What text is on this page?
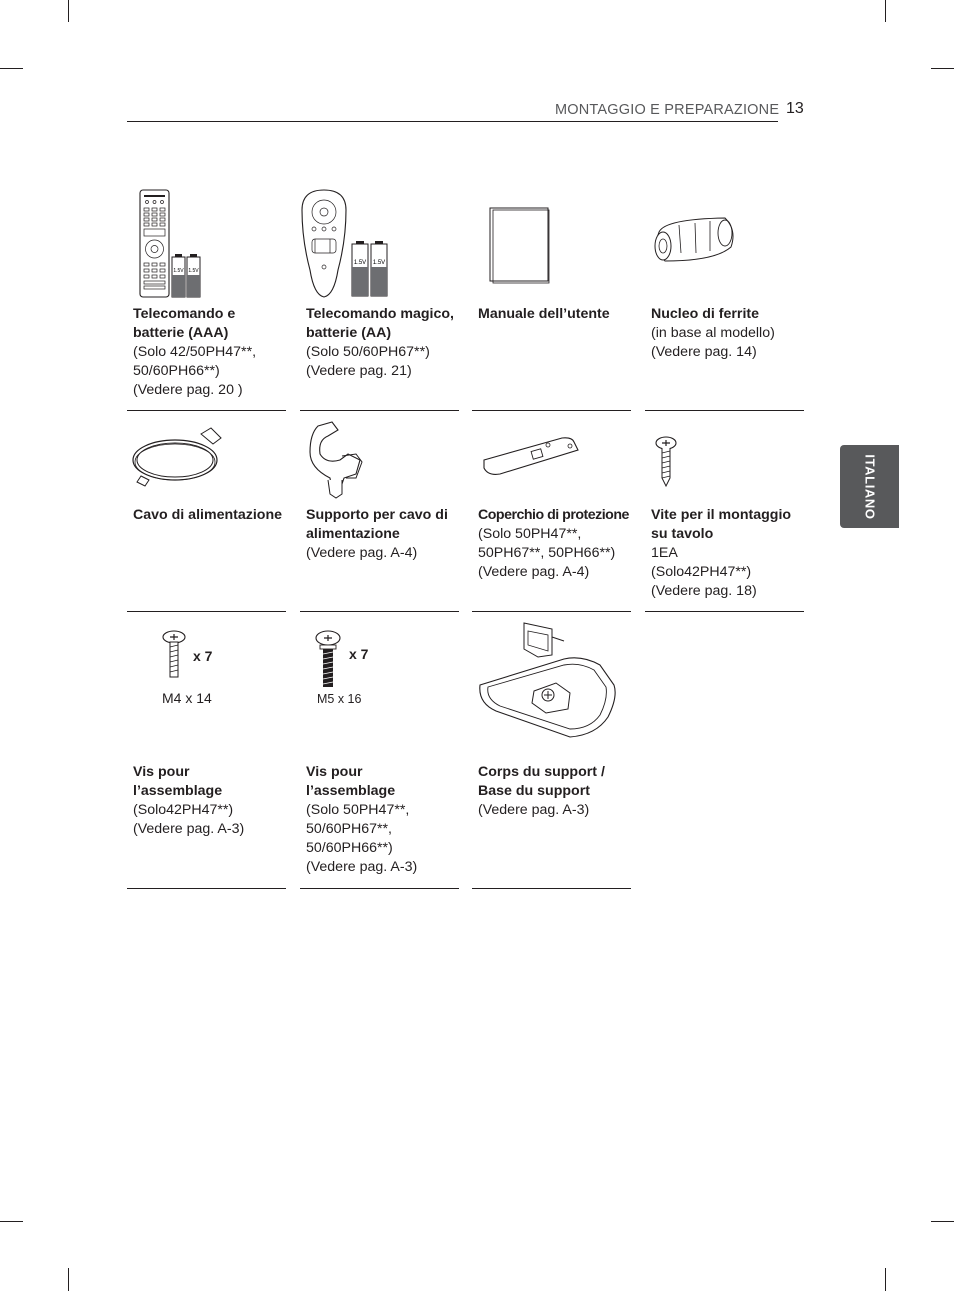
MONTAGGIO E PREPARAZIONE 13
ITALIANO
1.5V 1.5V
Telecomando e batterie (AAA)
(Solo 42/50PH47**,
50/60PH66**)
(Vedere pag. 20 )
1.5V 1.5V
Telecomando magico, batterie (AA)
(Solo 50/60PH67**)
(Vedere pag. 21)
Manuale dell’utente	Nucleo di ferrite
(in base al modello)
(Vedere pag. 14)
Cavo di alimentazione	Supporto per cavo di alimentazione
(Vedere pag. A-4)
Coperchio di protezione
(Solo 50PH47**,
50PH67**, 50PH66**)
(Vedere pag. A-4)
Vite per il montaggio su tavolo
1EA
(Solo42PH47**)
(Vedere pag. 18)
x 7
M4 x 14
Vis pour l’assemblage
(Solo42PH47**)
(Vedere pag. A-3)
x 7
M5 x 16
Vis pour l’assemblage
(Solo 50PH47**,
50/60PH67**,
50/60PH66**)
(Vedere pag. A-3)
Corps du support / Base du support
(Vedere pag. A-3)
